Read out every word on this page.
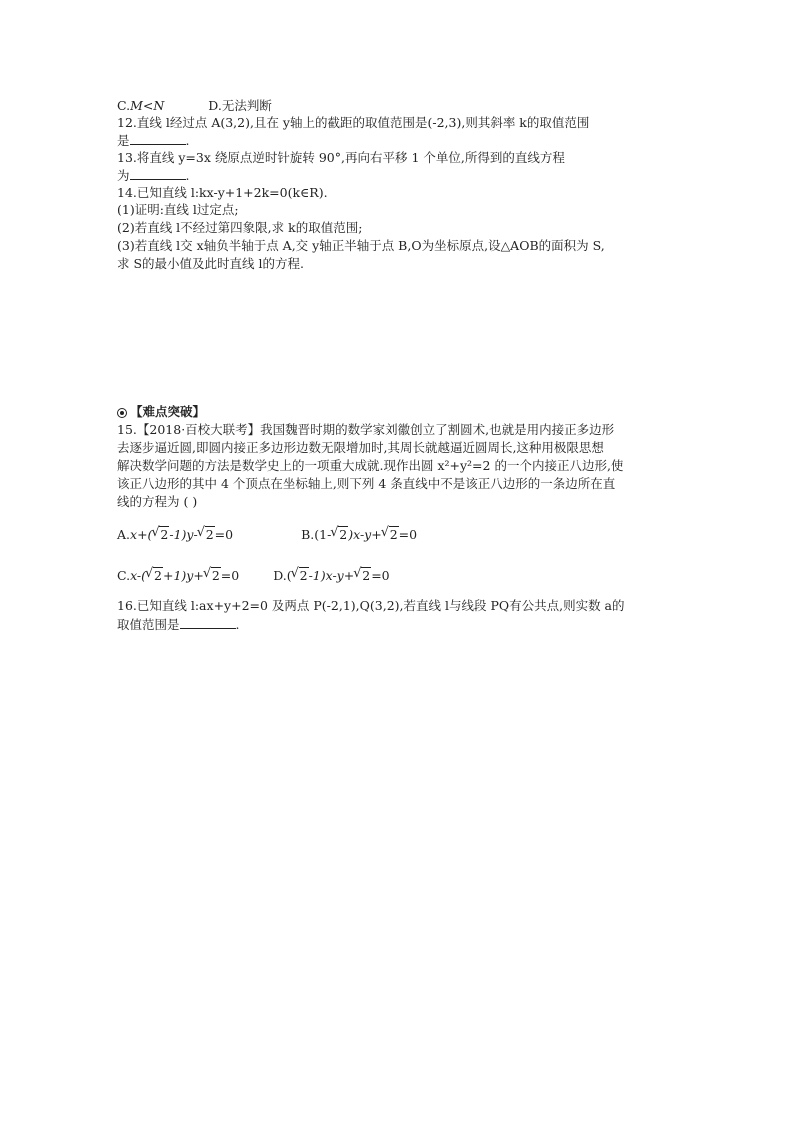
C.M<N	D.无法判断
12.直线 l经过点 A(3,2),且在 y轴上的截距的取值范围是(-2,3),则其斜率 k的取值范围
是	.
13.将直线 y=3x 绕原点逆时针旋转 90°,再向右平移 1 个单位,所得到的直线方程
为	.
14.已知直线 l:kx-y+1+2k=0(k∈R).
(1)证明:直线 l过定点;
(2)若直线 l不经过第四象限,求 k的取值范围;
(3)若直线 l交 x轴负半轴于点 A,交 y轴正半轴于点 B,O为坐标原点,设△AOB的面积为 S,
求 S的最小值及此时直线 l的方程.
【难点突破】
15.【2018·百校大联考】我国魏晋时期的数学家刘徽创立了割圆术,也就是用内接正多边形
去逐步逼近圆,即圆内接正多边形边数无限增加时,其周长就越逼近圆周长,这种用极限思想
解决数学问题的方法是数学史上的一项重大成就.现作出圆 x²+y²=2 的一个内接正八边形,使
该正八边形的其中 4 个顶点在坐标轴上,则下列 4 条直线中不是该正八边形的一条边所在直
线的方程为 ( )
A.x+( √ 2-1)y- √ 2=0	B.(1- √ 2)x-y+ √ 2=0
C.x-( √ 2+1)y+ √ 2=0	D.( √ 2-1)x-y+ √ 2=0
16.已知直线 l:ax+y+2=0 及两点 P(-2,1),Q(3,2),若直线 l与线段 PQ有公共点,则实数 a的
取值范围是	.
